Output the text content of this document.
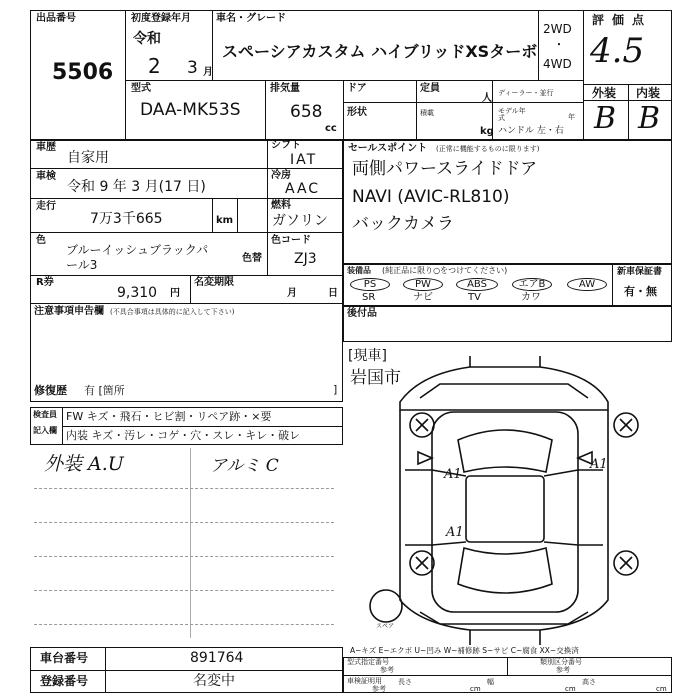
出品番号
5506
初度登録年月
令和
2 3 月
車名・グレード
スペーシアカスタム ハイブリッドXSターボ
2WD
・
4WD
評価点
4.5
型式
DAA-MK53S
排気量
658
cc
ドア	定員
人
形状	積載
kg
ディーラー・並行
モデル年式	年
ハンドル 左・右
外装 内装
B B
車歴
自家用
車検
令和 9 年 3 月(17 日)
走行
7万3千665	km
色
ブルーイッシュブラックパ
ール3	色替
シフト
IAT
冷房
AAC
燃料
ガソリン
色コード
ZJ3
R券
9,310 円
名変期限
月	日
注意事項申告欄 (不具合事項は具体的に記入して下さい)
修復歴 有 [箇所	]
セールスポイント (正常に機能するものに限ります)
両側パワースライドドア
NAVI (AVIC-RL810)
バックカメラ
装備品 (純正品に限り○をつけてください)
PS	PW	ABS	エアB	AW
SR	ナビ	TV	カワ
新車保証書
有・無
後付品
[現車]
岩国市
検査員
記入欄
FW キズ・飛石・ヒビ割・リペア跡・×要
内装 キズ・汚レ・コゲ・穴・スレ・キレ・破レ
外装 A.U	アルミ C	A1
A1
A1
スペア
A~キズ E~エクボ U~凹み W~補修跡 S~サビ C~腐食 XX~交換済
車台番号	891764
登録番号	名変中
型式指定番号
参考
類別区分番号
参考
車検証明用
参考
長さ
cm
幅
cm
高さ
cm
